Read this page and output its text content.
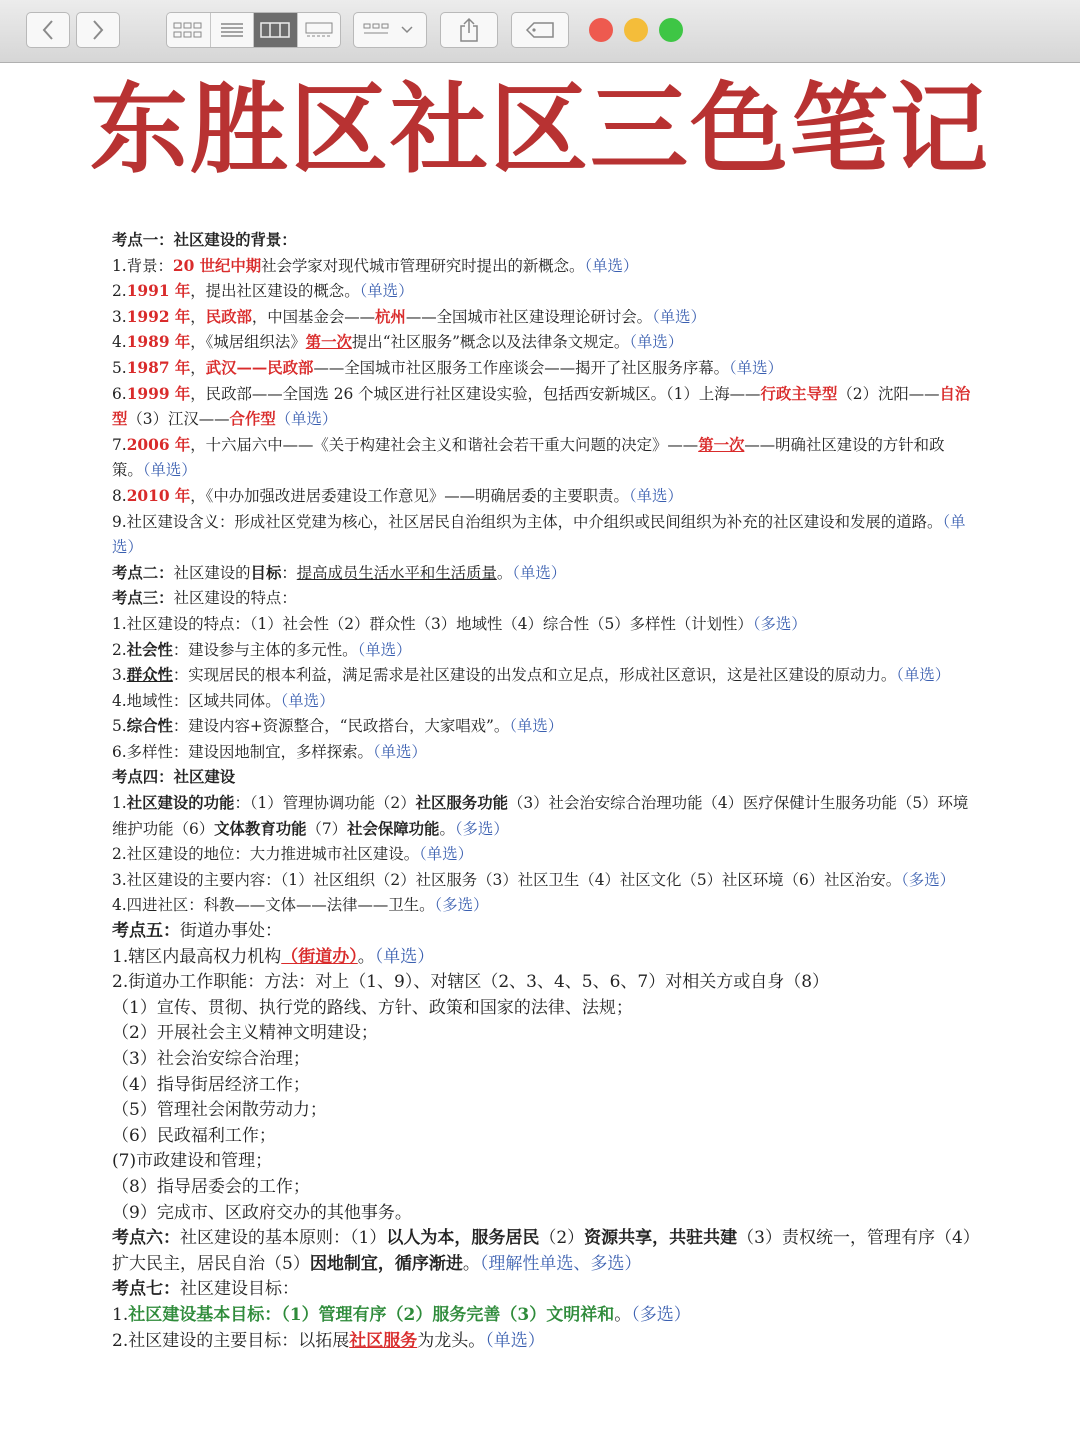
东胜区社区三色笔记
考点一：社区建设的背景：
1.背景：20 世纪中期社会学家对现代城市管理研究时提出的新概念。（单选）
2.1991 年，提出社区建设的概念。（单选）
3.1992 年，民政部，中国基金会——杭州——全国城市社区建设理论研讨会。（单选）
4.1989 年，《城居组织法》第一次提出“社区服务”概念以及法律条文规定。（单选）
5.1987 年，武汉——民政部——全国城市社区服务工作座谈会——揭开了社区服务序幕。（单选）
6.1999 年，民政部——全国选 26 个城区进行社区建设实验，包括西安新城区。（1）上海——行政主导型（2）沈阳——自治型（3）江汉——合作型（单选）
7.2006 年，十六届六中——《关于构建社会主义和谐社会若干重大问题的决定》——第一次——明确社区建设的方针和政策。（单选）
8.2010 年，《中办加强改进居委建设工作意见》——明确居委的主要职责。（单选）
9.社区建设含义：形成社区党建为核心，社区居民自治组织为主体，中介组织或民间组织为补充的社区建设和发展的道路。（单选）
考点二：社区建设的目标：提高成员生活水平和生活质量。（单选）
考点三：社区建设的特点：
1.社区建设的特点：（1）社会性（2）群众性（3）地域性（4）综合性（5）多样性（计划性）（多选）
2.社会性：建设参与主体的多元性。（单选）
3.群众性：实现居民的根本利益，满足需求是社区建设的出发点和立足点，形成社区意识，这是社区建设的原动力。（单选）
4.地域性：区域共同体。（单选）
5.综合性：建设内容+资源整合，“民政搭台，大家唱戏”。（单选）
6.多样性：建设因地制宜，多样探索。（单选）
考点四：社区建设
1.社区建设的功能：（1）管理协调功能（2）社区服务功能（3）社会治安综合治理功能（4）医疗保健计生服务功能（5）环境维护功能（6）文体教育功能（7）社会保障功能。（多选）
2.社区建设的地位：大力推进城市社区建设。（单选）
3.社区建设的主要内容：（1）社区组织（2）社区服务（3）社区卫生（4）社区文化（5）社区环境（6）社区治安。（多选）
4.四进社区：科教——文体——法律——卫生。（多选）
考点五：街道办事处：
1.辖区内最高权力机构（街道办）。（单选）
2.街道办工作职能：方法：对上（1、9）、对辖区（2、3、4、5、6、7）对相关方或自身（8）
（1）宣传、贯彻、执行党的路线、方针、政策和国家的法律、法规；
（2）开展社会主义精神文明建设；
（3）社会治安综合治理；
（4）指导街居经济工作；
（5）管理社会闲散劳动力；
（6）民政福利工作；
(7)市政建设和管理；
（8）指导居委会的工作；
（9）完成市、区政府交办的其他事务。
考点六：社区建设的基本原则：（1）以人为本，服务居民（2）资源共享，共驻共建（3）责权统一，管理有序（4）扩大民主，居民自治（5）因地制宜，循序渐进。（理解性单选、多选）
考点七：社区建设目标：
1.社区建设基本目标：（1）管理有序（2）服务完善（3）文明祥和。（多选）
2.社区建设的主要目标：以拓展社区服务为龙头。（单选）
